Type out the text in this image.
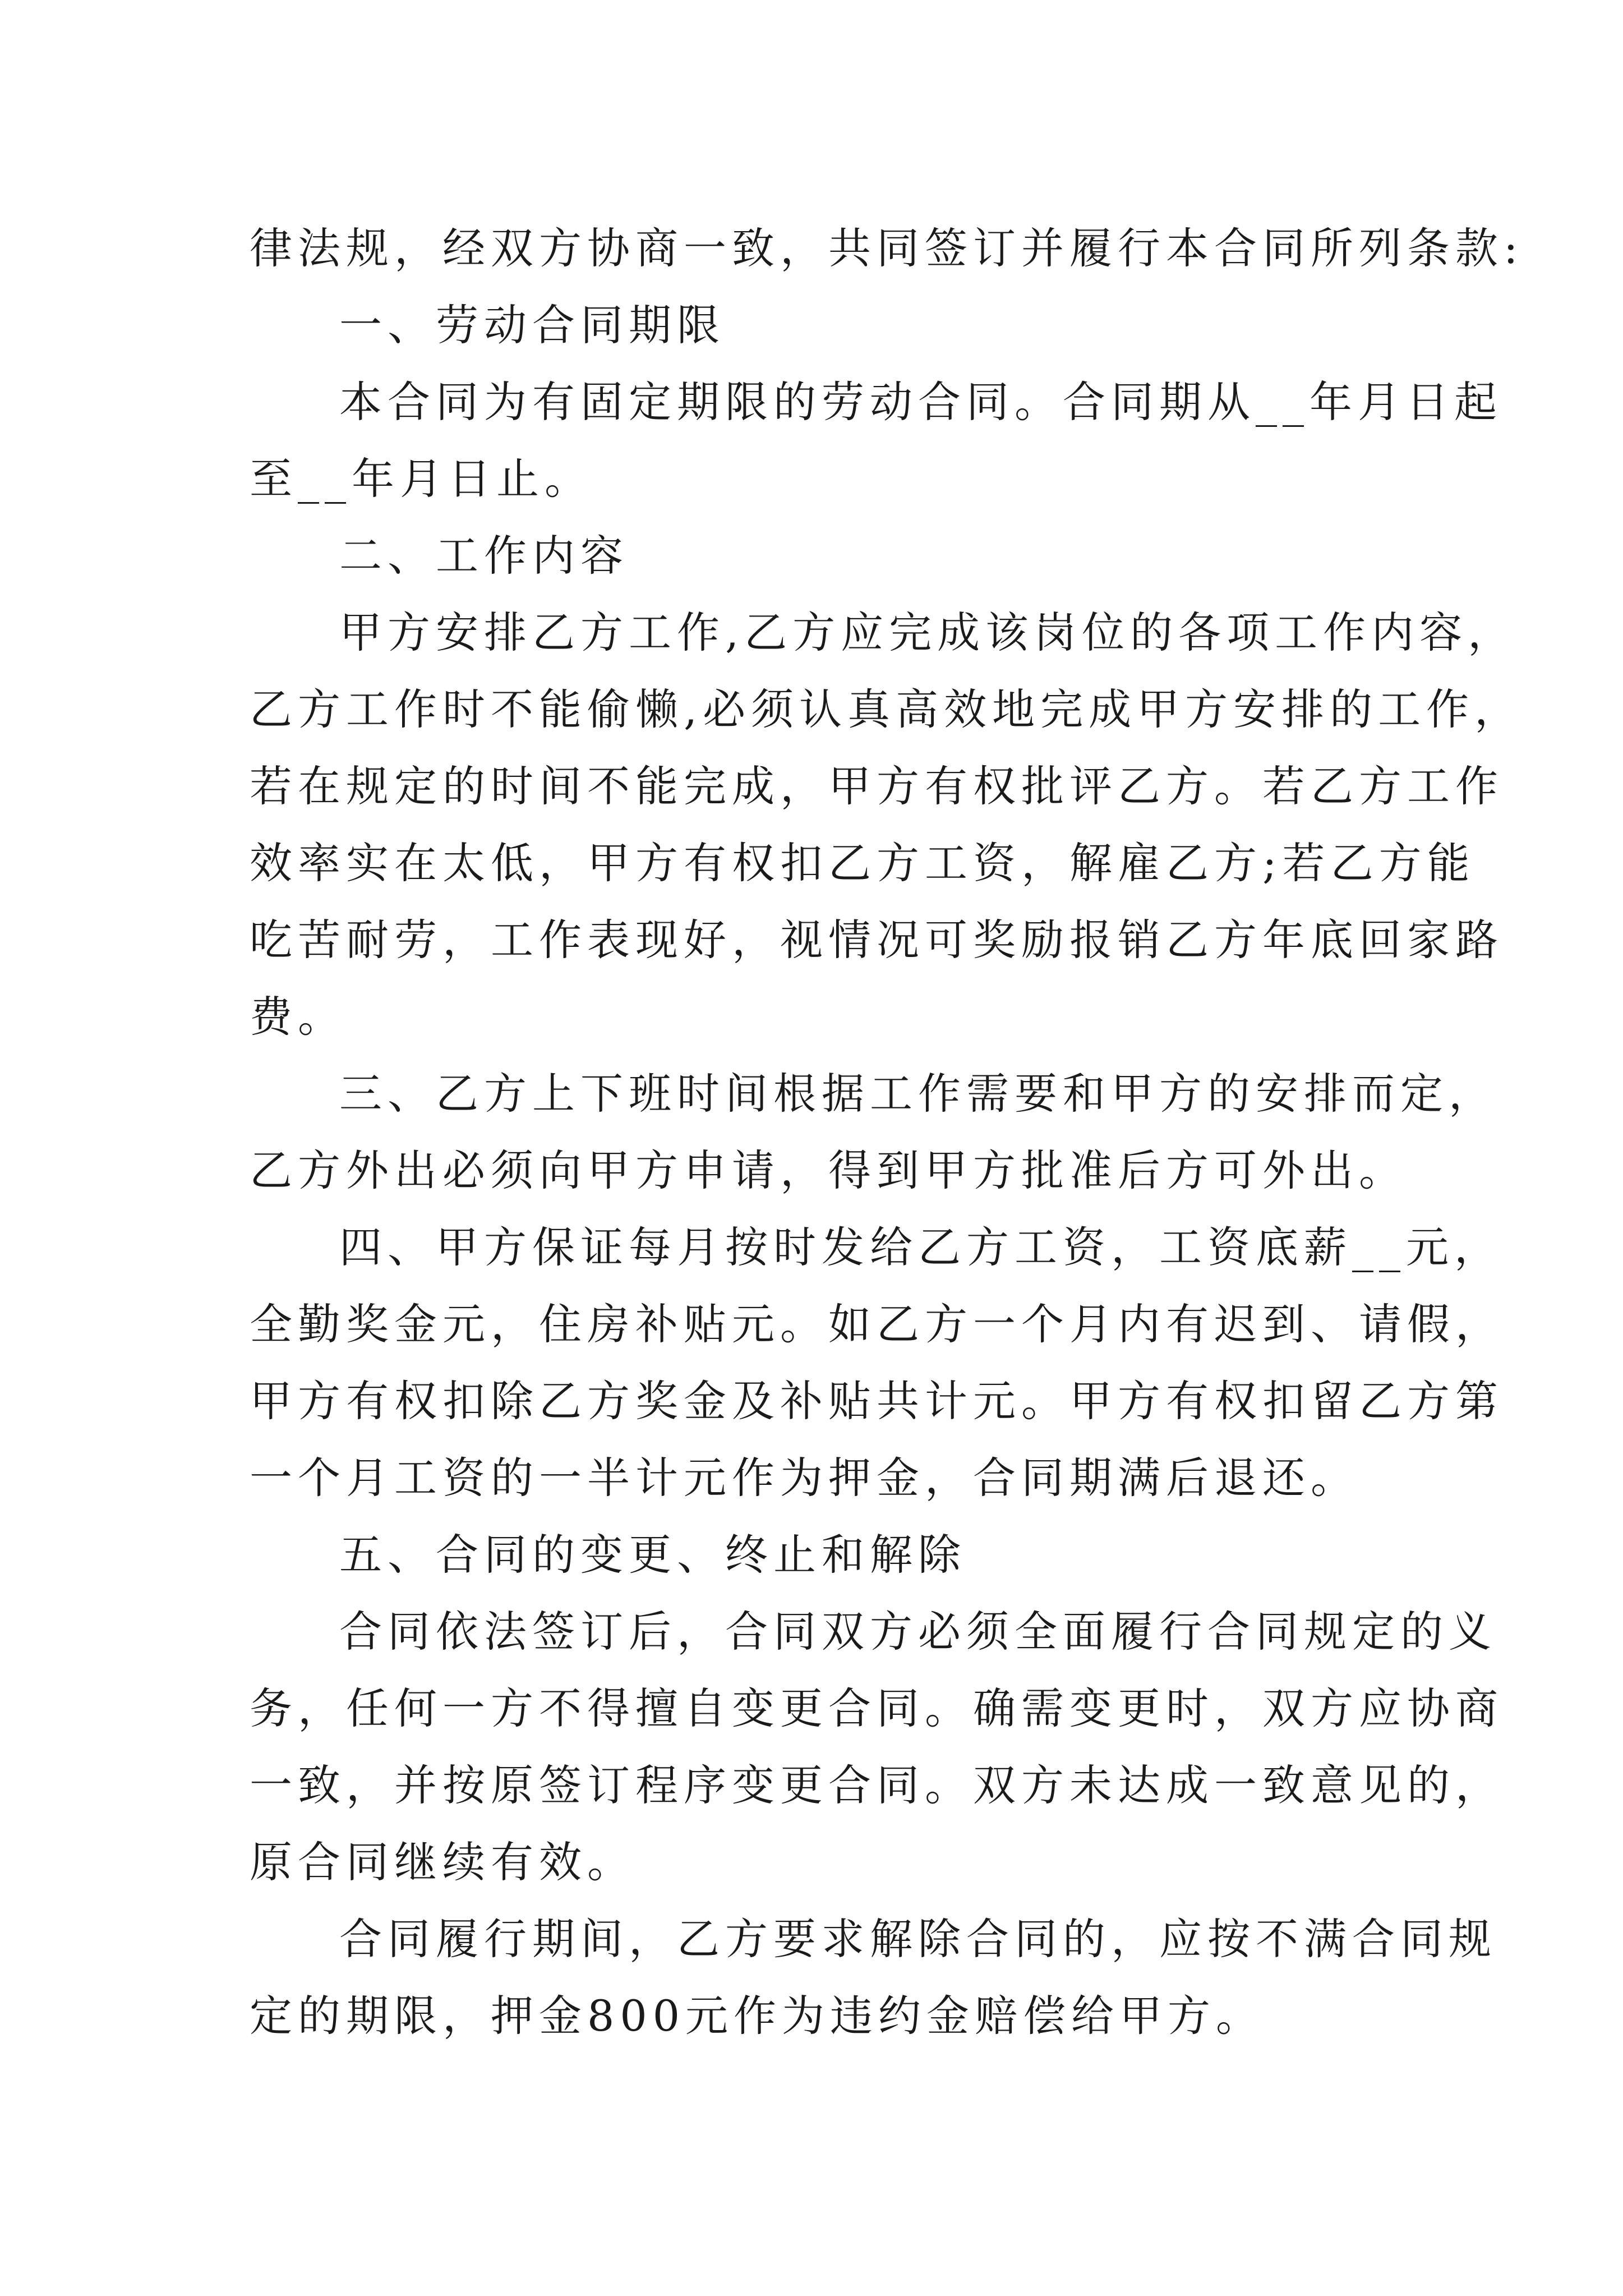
律法规，经双方协商一致，共同签订并履行本合同所列条款:
一、劳动合同期限
本合同为有固定期限的劳动合同。合同期从__年月日起
至__年月日止。
二、工作内容
甲方安排乙方工作,乙方应完成该岗位的各项工作内容，
乙方工作时不能偷懒,必须认真高效地完成甲方安排的工作，
若在规定的时间不能完成，甲方有权批评乙方。若乙方工作
效率实在太低，甲方有权扣乙方工资，解雇乙方;若乙方能
吃苦耐劳，工作表现好，视情况可奖励报销乙方年底回家路
费。
三、乙方上下班时间根据工作需要和甲方的安排而定，
乙方外出必须向甲方申请，得到甲方批准后方可外出。
四、甲方保证每月按时发给乙方工资，工资底薪__元，
全勤奖金元，住房补贴元。如乙方一个月内有迟到、请假，
甲方有权扣除乙方奖金及补贴共计元。甲方有权扣留乙方第
一个月工资的一半计元作为押金，合同期满后退还。
五、合同的变更、终止和解除
合同依法签订后，合同双方必须全面履行合同规定的义
务，任何一方不得擅自变更合同。确需变更时，双方应协商
一致，并按原签订程序变更合同。双方未达成一致意见的，
原合同继续有效。
合同履行期间，乙方要求解除合同的，应按不满合同规
定的期限，押金800元作为违约金赔偿给甲方。
